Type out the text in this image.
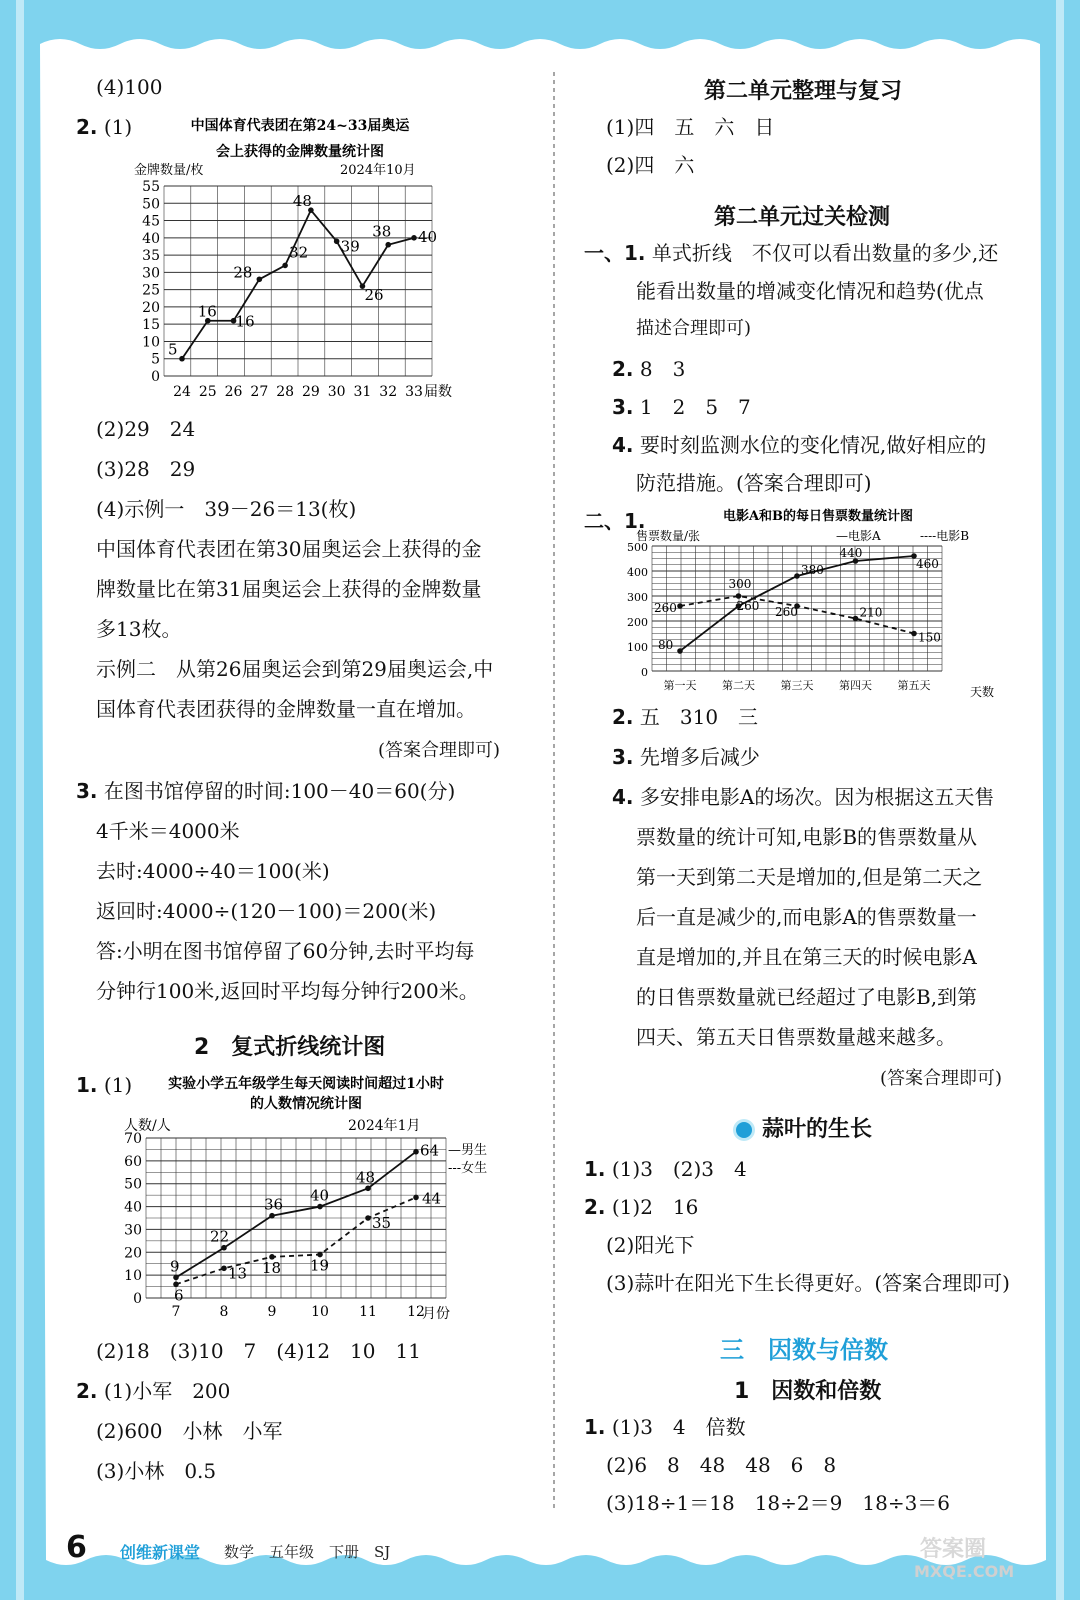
(4)100
2. (1)	中国体育代表团在第24~33届奥运
会上获得的金牌数量统计图
金牌数量/枚	2024年10月
0
5
10
15
20
25
30
35
40
45
50
55
24 25 26 27 28 29 30 31 32 33
5
16
16
28
32
48
39
26
38 40
届数
(2)29　24
(3)28　29
(4)示例一　39－26＝13(枚)
中国体育代表团在第30届奥运会上获得的金
牌数量比在第31届奥运会上获得的金牌数量
多13枚。
示例二　从第26届奥运会到第29届奥运会,中
国体育代表团获得的金牌数量一直在增加。
(答案合理即可)
3. 在图书馆停留的时间:100－40＝60(分)
4千米＝4000米
去时:4000÷40＝100(米)
返回时:4000÷(120－100)＝200(米)
答:小明在图书馆停留了60分钟,去时平均每
分钟行100米,返回时平均每分钟行200米。
2　复式折线统计图
1. (1)	实验小学五年级学生每天阅读时间超过1小时
的人数情况统计图
人数/人	2024年1月
—男生
---女生
0
10
20
30
40
50
60
70
7	8	9 10 11 12
9
22
36
40
48
64
6
13 18 19
35
44
月份
(2)18　(3)10　7　(4)12　10　11
2. (1)小军　200
(2)600　小林　小军
(3)小林　0.5
第二单元整理与复习
(1)四　五　六　日
(2)四　六
第二单元过关检测
一、1. 单式折线　不仅可以看出数量的多少,还
能看出数量的增减变化情况和趋势(优点
描述合理即可)
2. 8　3
3. 1　2　5　7
4. 要时刻监测水位的变化情况,做好相应的
防范措施。(答案合理即可)
二、1.	电影A和B的每日售票数量统计图
售票数量/张	—电影A	----电影B
0
100
200
300
400
500
第一天 第二天 第三天 第四天 第五天
80
260
380
440
460
260
300
260	210
150
天数
2. 五　310　三
3. 先增多后减少
4. 多安排电影A的场次。因为根据这五天售
票数量的统计可知,电影B的售票数量从
第一天到第二天是增加的,但是第二天之
后一直是减少的,而电影A的售票数量一
直是增加的,并且在第三天的时候电影A
的日售票数量就已经超过了电影B,到第
四天、第五天日售票数量越来越多。
(答案合理即可)
蒜叶的生长
1. (1)3　(2)3　4
2. (1)2　16
(2)阳光下
(3)蒜叶在阳光下生长得更好。(答案合理即可)
三　因数与倍数
1　因数和倍数
1. (1)3　4　倍数
(2)6　8　48　48　6　8
(3)18÷1＝18　18÷2＝9　18÷3＝6
6 创维新课堂 数学　五年级　下册　SJ	答案圈
MXQE.COM
